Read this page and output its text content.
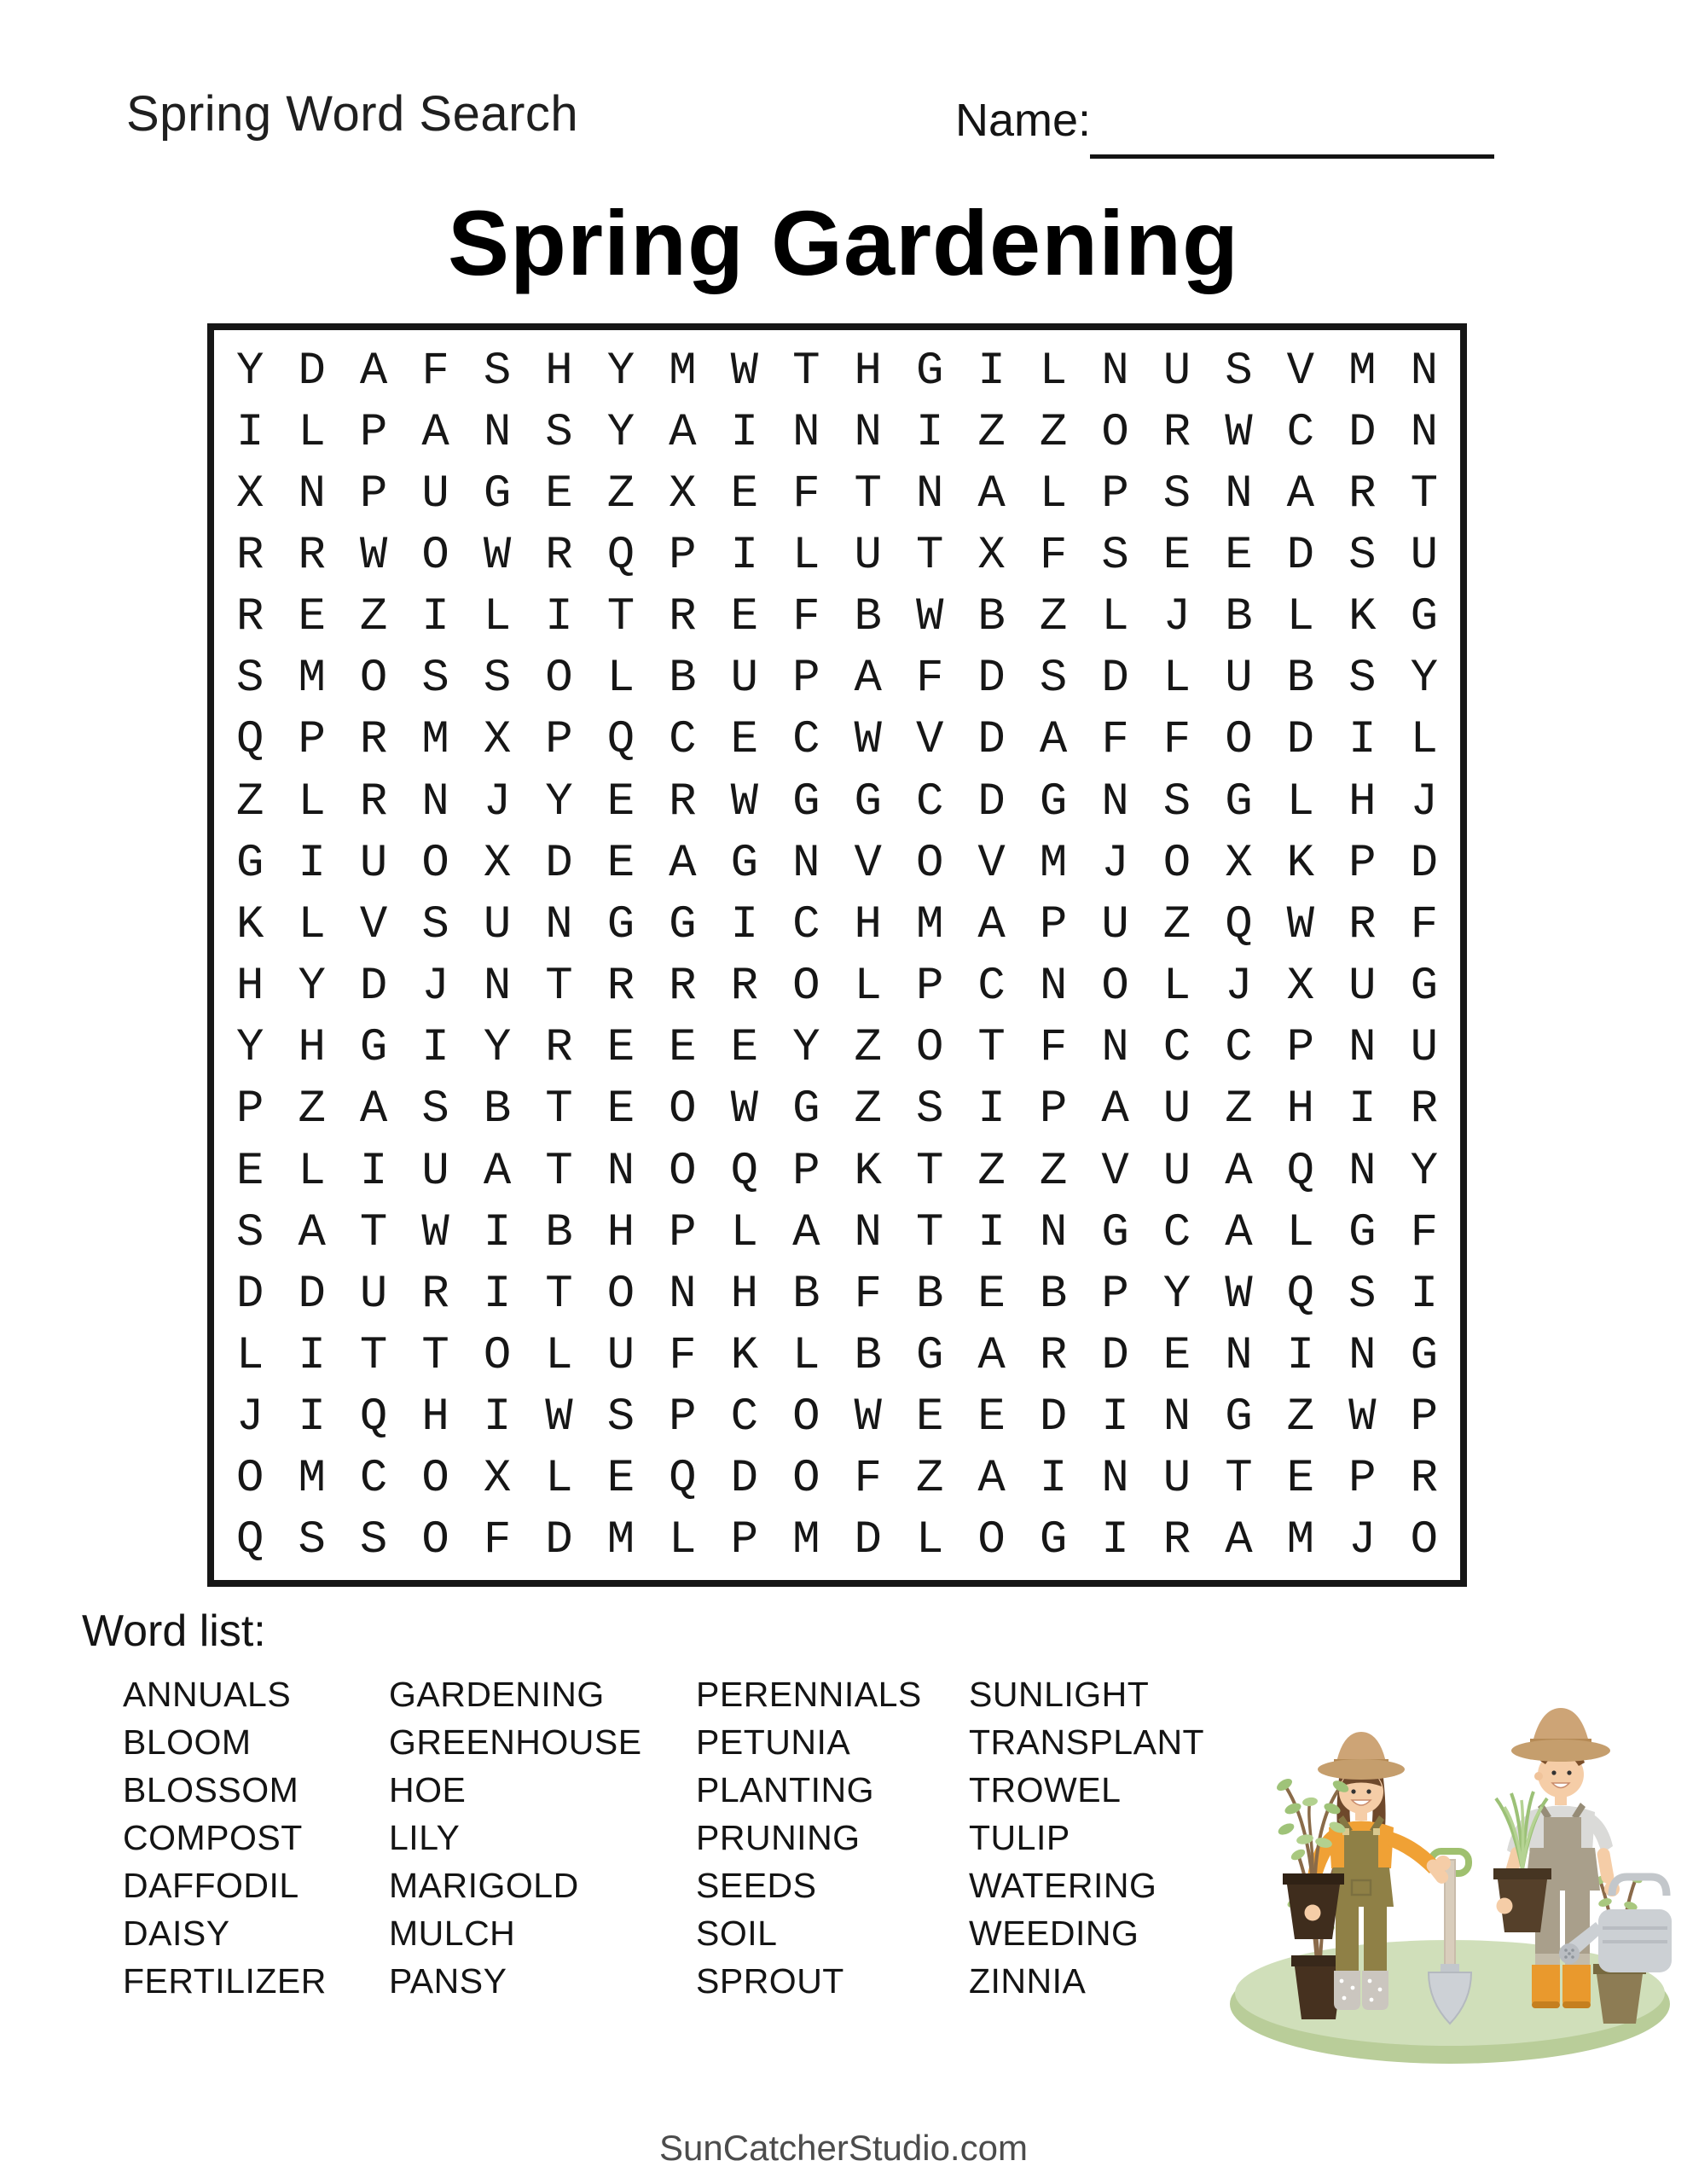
Spring Word Search	Name:
Spring Gardening
Y D A F S H Y M W T H G I L N U S V M N
I L P A N S Y A I N N I Z Z O R W C D N
X N P U G E Z X E F T N A L P S N A R T
R R W O W R Q P I L U T X F S E E D S U
R E Z I L I T R E F B W B Z L J B L K G
S M O S S O L B U P A F D S D L U B S Y
Q P R M X P Q C E C W V D A F F O D I L
Z L R N J Y E R W G G C D G N S G L H J
G I U O X D E A G N V O V M J O X K P D
K L V S U N G G I C H M A P U Z Q W R F
H Y D J N T R R R O L P C N O L J X U G
Y H G I Y R E E E Y Z O T F N C C P N U
P Z A S B T E O W G Z S I P A U Z H I R
E L I U A T N O Q P K T Z Z V U A Q N Y
S A T W I B H P L A N T I N G C A L G F
D D U R I T O N H B F B E B P Y W Q S I
L I T T O L U F K L B G A R D E N I N G
J I Q H I W S P C O W E E D I N G Z W P
O M C O X L E Q D O F Z A I N U T E P R
Q S S O F D M L P M D L O G I R A M J O
Word list:
ANNUALS
BLOOM
BLOSSOM
COMPOST
DAFFODIL
DAISY
FERTILIZER
GARDENING
GREENHOUSE
HOE
LILY
MARIGOLD
MULCH
PANSY
PERENNIALS
PETUNIA
PLANTING
PRUNING
SEEDS
SOIL
SPROUT
SUNLIGHT
TRANSPLANT
TROWEL
TULIP
WATERING
WEEDING
ZINNIA
SunCatcherStudio.com
